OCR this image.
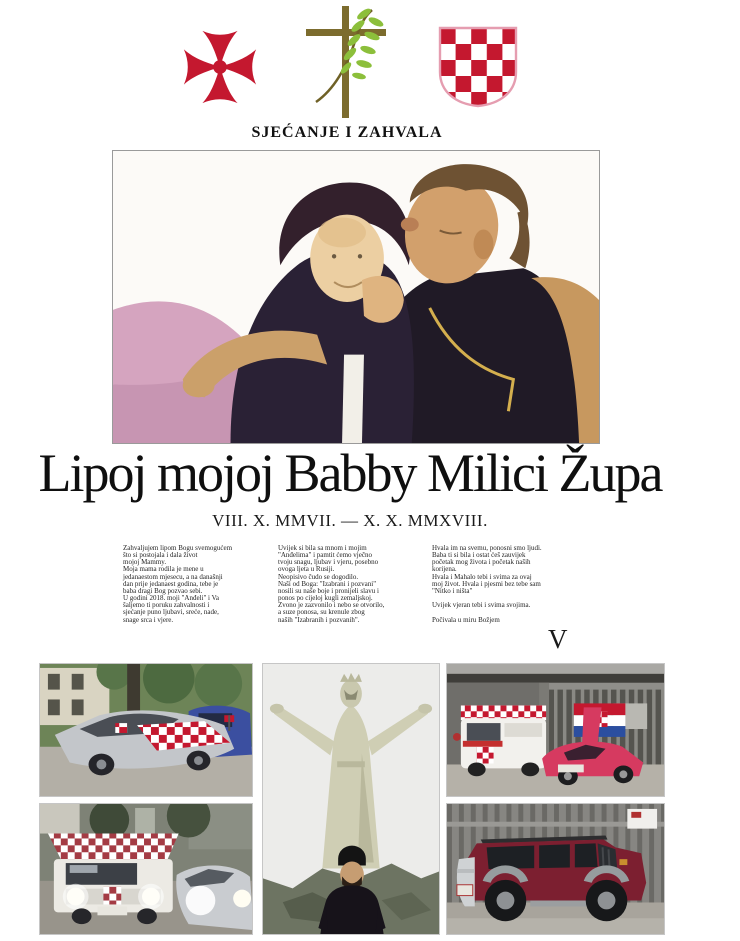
SJEĆANJE I ZAHVALA
Lipoj mojoj Babby Milici Župa
VIII. X. MMVII. — X. X. MMXVIII.
Zahvaljujem lipom Bogu svemogućem
što si postojala i dala život
mojoj Mammy.
Moja mama rodila je mene u
jedanaestom mjesecu, a na današnji
dan prije jedanaest godina, tebe je
baba dragi Bog pozvao sebi.
U godini 2018. moji "Anđeli" i Va
šaljemo ti poruku zahvalnosti i
sjećanje puno ljubavi, sreće, nade,
snage srca i vjere.
Uvijek si bila sa mnom i mojim
"Anđelima" i pamtit ćemo vječno
tvoju snagu, ljubav i vjeru, posebno
ovoga ljeta u Rusiji.
Neopisivo čudo se dogodilo.
Naši od Boga: "Izabrani i pozvani"
nosili su naše boje i pronijeli slavu i
ponos po cijeloj kugli zemaljskoj.
Zvono je zazvonilo i nebo se otvorilo,
a suze ponosa, su krenule zbog
naših "Izabranih i pozvanih".
Hvala im na svemu, ponosni smo ljudi.
Baba ti si bila i ostat ćeš zauvijek
početak mog života i početak naših
korijena.
Hvala i Mahalo tebi i svima za ovaj
moj život. Hvala i pjesmi bez tebe sam
"Nitko i ništa"

Uvijek vjeran tebi i svima svojima.

Počivala u miru Božjem
V
